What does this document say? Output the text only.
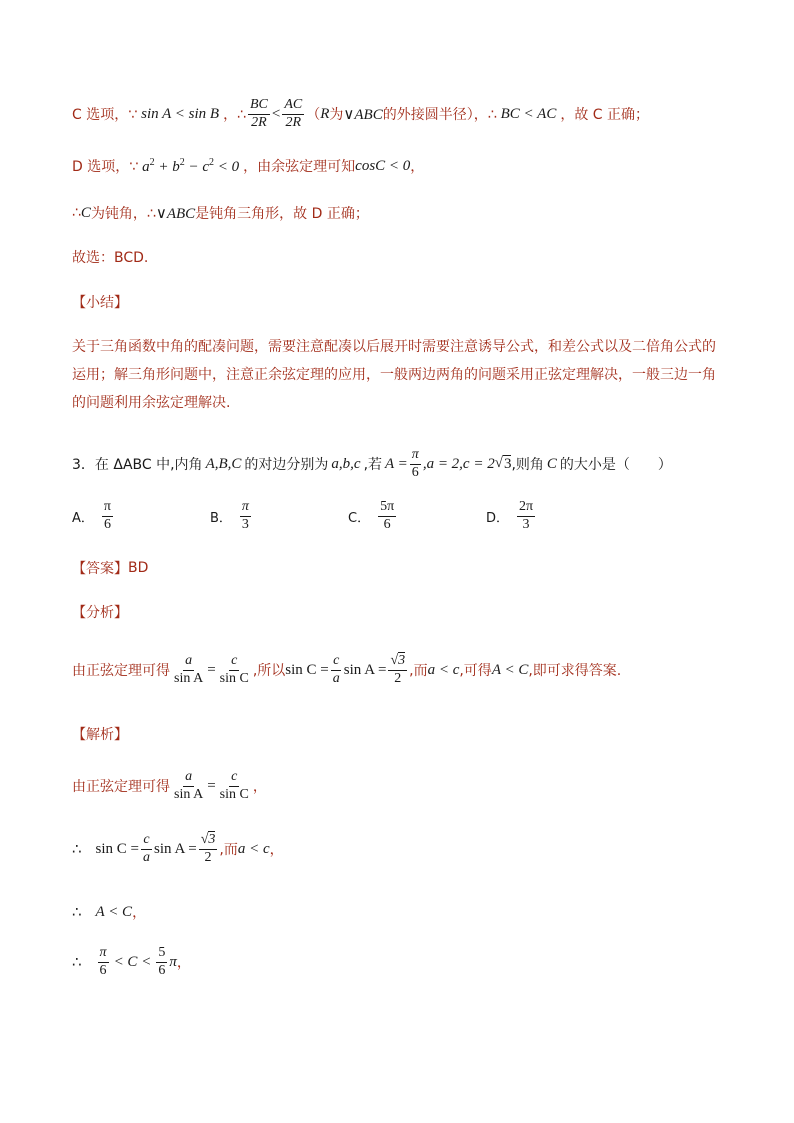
C 选项，∵ sin A < sin B ，∴ $\frac{BC}{2R} < \frac{AC}{2R}$ （ R 为 ∨ABC 的外接圆半径），∴ BC < AC ，故 C 正确；
D 选项，∵ $a^2 + b^2 - c^2 < 0$ ，由余弦定理可知 cosC < 0 ，
∴ C 为钝角，∴ ∨ABC 是钝角三角形，故 D 正确；
故选：BCD.
【小结】
关于三角函数中角的配凑问题，需要注意配凑以后展开时需要注意诱导公式，和差公式以及二倍角公式的运用；解三角形问题中，注意正余弦定理的应用，一般两边两角的问题采用正弦定理解决，一般三边一角的问题利用余弦定理解决.
3． 在 ΔABC 中,内角 A,B,C 的对边分别为 a,b,c ,若 $A = \frac{\pi}{6} ,a = 2,c = 2$ √ 3 ,则角 C 的大小是（　　）
A． $\frac{\pi}{6}$	B． $\frac{\pi}{3}$	C． $\frac{5\pi}{6}$	D． $\frac{2\pi}{3}$
【答案】 BD
【分析】
由正弦定理可得 $\frac{a}{\text{sin A}} = \frac{c}{\text{sin C}}$ ,所以 $\sin C = \frac{c}{a}$ $\sin A = \frac{√3}{2}$ ,而 a < c ,可得 A < C ,即可求得答案.
【解析】
由正弦定理可得 $\frac{a}{\text{sin A}} = \frac{c}{\text{sin C}}$ ，
∴ $\sin C = \frac{c}{a}$ $\sin A = \frac{√3}{2}$ ,而 a < c ，
∴ A < C ，
∴ $\frac{\pi}{6} < C < \frac{5}{6}$ π ，
